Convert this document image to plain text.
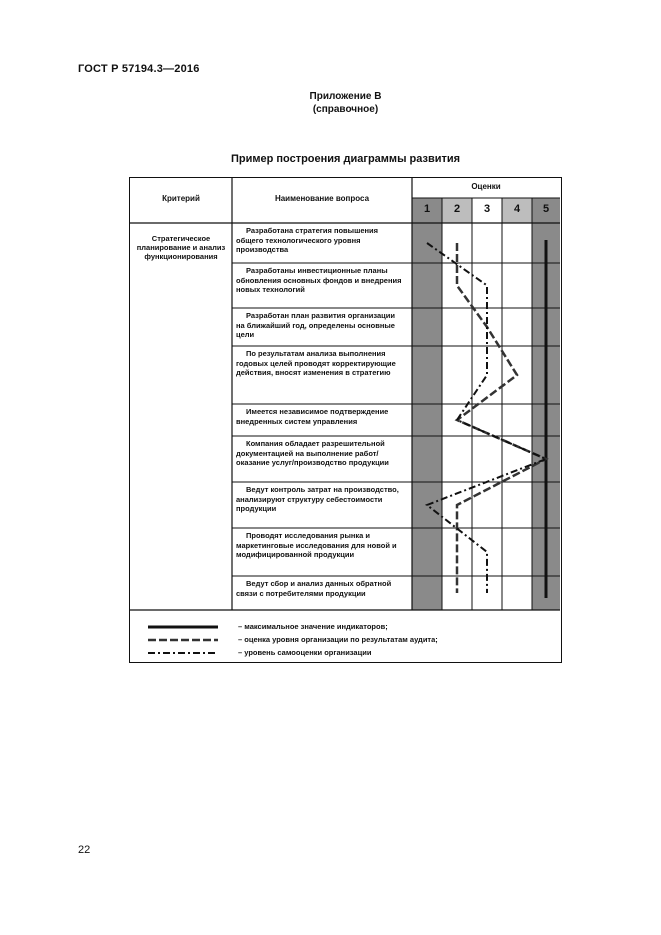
ГОСТ Р 57194.3—2016
Приложение В
(справочное)
Пример построения диаграммы развития
Критерий	Наименование вопроса
Оценки
1	2	3	4	5
Стратегическое планирование и анализ функционирования
Разработана стратегия повышения общего технологического уровня производства
Разработаны инвестиционные планы обновления основных фондов и внедрения новых технологий
Разработан план развития организации на ближайший год, определены основные цели
По результатам анализа выполнения годовых целей проводят корректирующие действия, вносят изменения в стратегию
Имеется независимое подтверждение внедренных систем управления
Компания обладает разрешительной документацией на выполнение работ/оказание услуг/производство продукции
Ведут контроль затрат на производство, анализируют структуру себестоимости продукции
Проводят исследования рынка и маркетинговые исследования для новой и модифицированной продукции
Ведут сбор и анализ данных обратной связи с потребителями продукции
– максимальное значение индикаторов;
– оценка уровня организации по результатам аудита;
– уровень самооценки организации
22
